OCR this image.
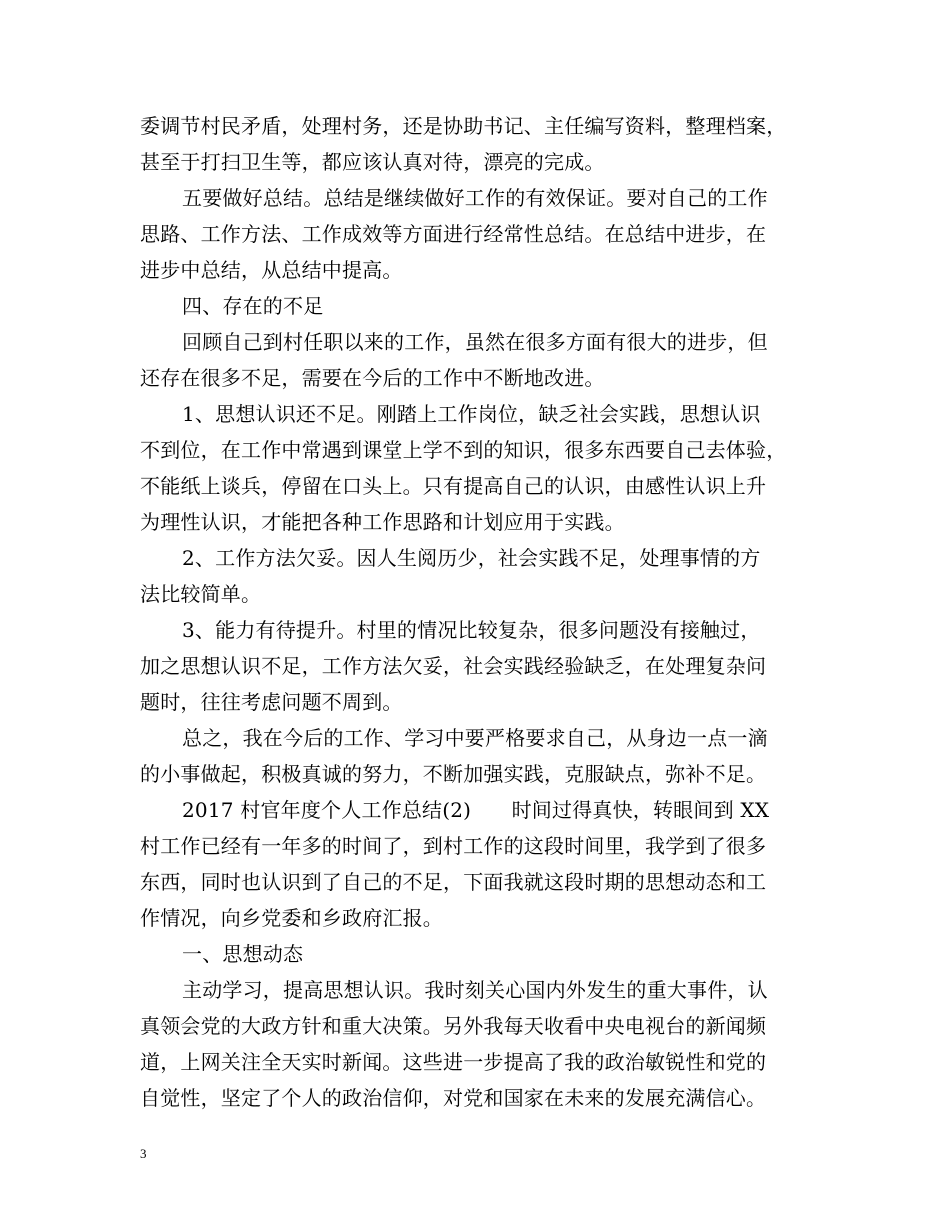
委调节村民矛盾，处理村务，还是协助书记、主任编写资料，整理档案，
甚至于打扫卫生等，都应该认真对待，漂亮的完成。
五要做好总结。总结是继续做好工作的有效保证。要对自己的工作
思路、工作方法、工作成效等方面进行经常性总结。在总结中进步，在
进步中总结，从总结中提高。
四、存在的不足
回顾自己到村任职以来的工作，虽然在很多方面有很大的进步，但
还存在很多不足，需要在今后的工作中不断地改进。
1、思想认识还不足。刚踏上工作岗位，缺乏社会实践，思想认识
不到位，在工作中常遇到课堂上学不到的知识，很多东西要自己去体验，
不能纸上谈兵，停留在口头上。只有提高自己的认识，由感性认识上升
为理性认识，才能把各种工作思路和计划应用于实践。
2、工作方法欠妥。因人生阅历少，社会实践不足，处理事情的方
法比较简单。
3、能力有待提升。村里的情况比较复杂，很多问题没有接触过，
加之思想认识不足，工作方法欠妥，社会实践经验缺乏，在处理复杂问
题时，往往考虑问题不周到。
总之，我在今后的工作、学习中要严格要求自己，从身边一点一滴
的小事做起，积极真诚的努力，不断加强实践，克服缺点，弥补不足。
2017 村官年度个人工作总结(2)　　时间过得真快，转眼间到 XX
村工作已经有一年多的时间了，到村工作的这段时间里，我学到了很多
东西，同时也认识到了自己的不足，下面我就这段时期的思想动态和工
作情况，向乡党委和乡政府汇报。
一、思想动态
主动学习，提高思想认识。我时刻关心国内外发生的重大事件，认
真领会党的大政方针和重大决策。另外我每天收看中央电视台的新闻频
道，上网关注全天实时新闻。这些进一步提高了我的政治敏锐性和党的
自觉性，坚定了个人的政治信仰，对党和国家在未来的发展充满信心。
3
